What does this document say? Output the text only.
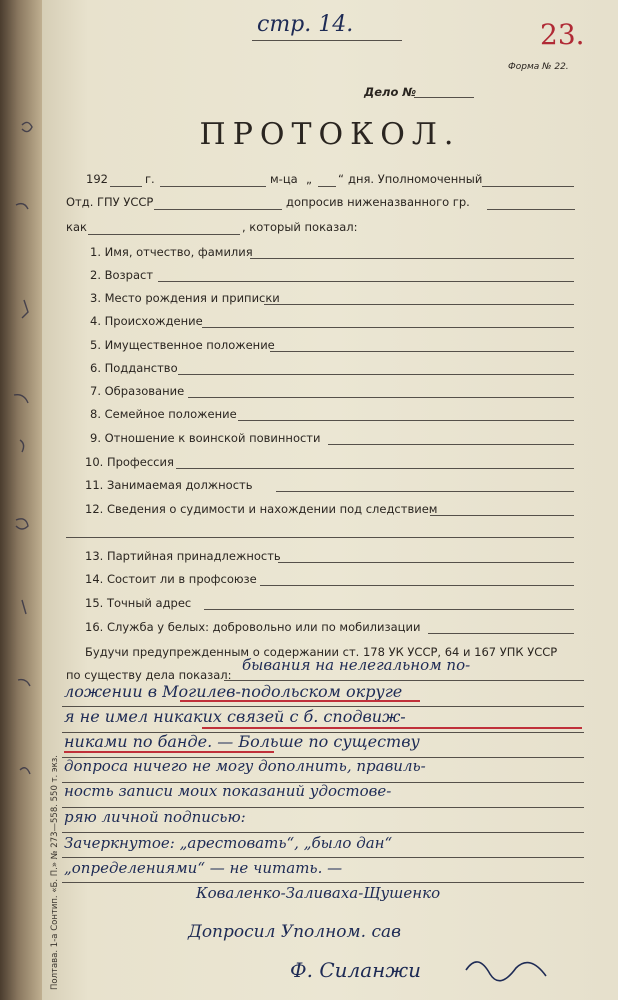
стр. 14.	23.
Форма № 22.
Дело №
ПРОТОКОЛ.
192	г.	м-ца „ “ дня. Уполномоченный
Отд. ГПУ УССР	допросив ниженазванного гр.
как	, который показал:
1. Имя, отчество, фамилия
2. Возраст
3. Место рождения и приписки
4. Происхождение
5. Имущественное положение
6. Подданство
7. Образование
8. Семейное положение
9. Отношение к воинской повинности
10. Профессия
11. Занимаемая должность
12. Сведения о судимости и нахождении под следствием
13. Партийная принадлежность
14. Состоит ли в профсоюзе
15. Точный адрес
16. Служба у белых: добровольно или по мобилизации
Будучи предупрежденным о содержании ст. 178 УК УССР, 64 и 167 УПК УССР
по существу дела показал:
бывания на нелегальном по-
ложении в Могилев-подольском округе
я не имел никаких связей с б. сподвиж-
никами по банде. — Больше по существу
допроса ничего не могу дополнить, правиль-
ность записи моих показаний удостове-
ряю личной подписью:
Зачеркнутое: „арестовать“, „было дан“
„определениями“ — не читать. —
Коваленко-Заливаха-Щушенко
Допросил Уполном. сав
Ф. Силанжи
Полтава. 1-а Сонтип. «Б. П.» № 273—558. 550 т. экз.
